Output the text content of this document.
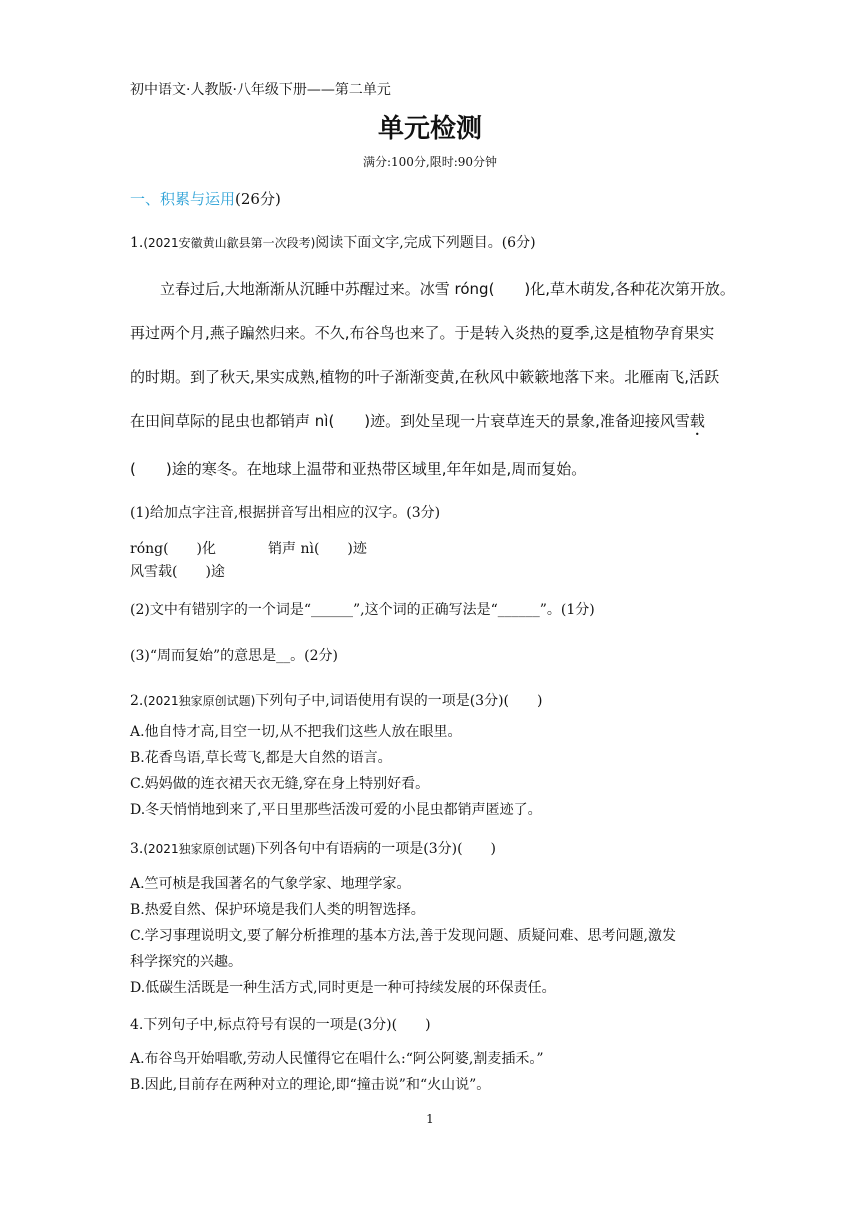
初中语文·人教版·八年级下册——第二单元
单元检测
满分:100分,限时:90分钟
一、积累与运用(26分)
1.(2021安徽黄山歙县第一次段考)阅读下面文字,完成下列题目。(6分)
立春过后,大地渐渐从沉睡中苏醒过来。冰雪 róng(　　)化,草木萌发,各种花次第开放。
再过两个月,燕子蹁然归来。不久,布谷鸟也来了。于是转入炎热的夏季,这是植物孕育果实
的时期。到了秋天,果实成熟,植物的叶子渐渐变黄,在秋风中簌簌地落下来。北雁南飞,活跃
在田间草际的昆虫也都销声 nì(　　)迹。到处呈现一片衰草连天的景象,准备迎接风雪载
(　　)途的寒冬。在地球上温带和亚热带区域里,年年如是,周而复始。
(1)给加点字注音,根据拼音写出相应的汉字。(3分)
róng(　　)化	销声 nì(　　)迹
风雪载(　　)途
(2)文中有错别字的一个词是“______”,这个词的正确写法是“______”。(1分)
(3)“周而复始”的意思是__。(2分)
2.(2021独家原创试题)下列句子中,词语使用有误的一项是(3分)(　　)
A.他自恃才高,目空一切,从不把我们这些人放在眼里。
B.花香鸟语,草长莺飞,都是大自然的语言。
C.妈妈做的连衣裙天衣无缝,穿在身上特别好看。
D.冬天悄悄地到来了,平日里那些活泼可爱的小昆虫都销声匿迹了。
3.(2021独家原创试题)下列各句中有语病的一项是(3分)(　　)
A.竺可桢是我国著名的气象学家、地理学家。
B.热爱自然、保护环境是我们人类的明智选择。
C.学习事理说明文,要了解分析推理的基本方法,善于发现问题、质疑问难、思考问题,激发
科学探究的兴趣。
D.低碳生活既是一种生活方式,同时更是一种可持续发展的环保责任。
4.下列句子中,标点符号有误的一项是(3分)(　　)
A.布谷鸟开始唱歌,劳动人民懂得它在唱什么:“阿公阿婆,割麦插禾。”
B.因此,目前存在两种对立的理论,即“撞击说”和“火山说”。
1
